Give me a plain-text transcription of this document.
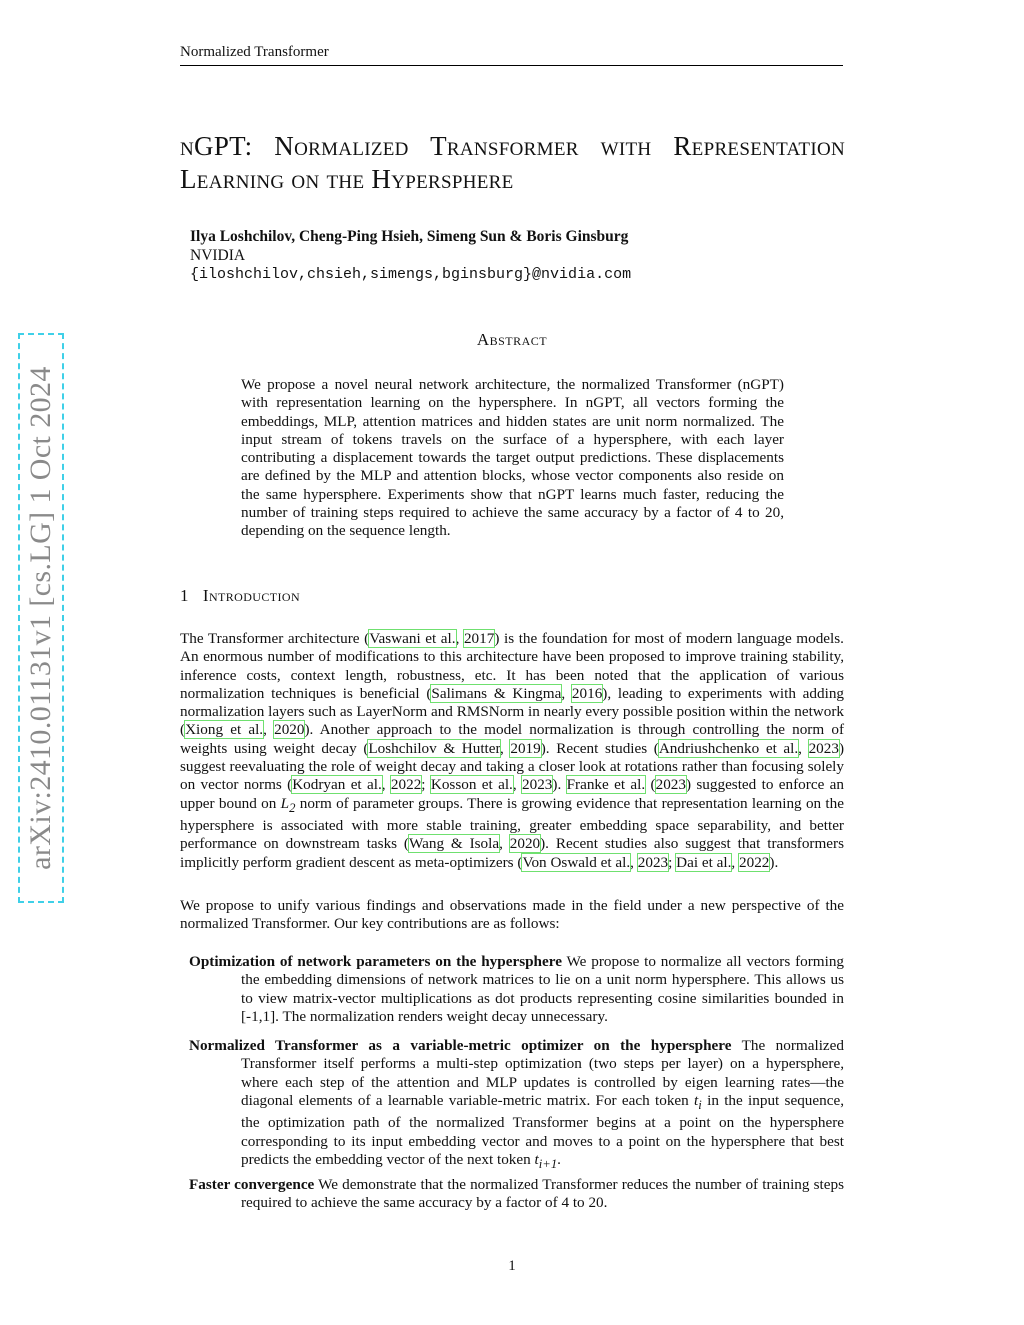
Normalized Transformer
nGPT: Normalized Transformer with Representation Learning on the Hypersphere
Ilya Loshchilov, Cheng-Ping Hsieh, Simeng Sun & Boris Ginsburg
NVIDIA
{iloshchilov,chsieh,simengs,bginsburg}@nvidia.com
Abstract
We propose a novel neural network architecture, the normalized Transformer (nGPT) with representation learning on the hypersphere. In nGPT, all vectors forming the embeddings, MLP, attention matrices and hidden states are unit norm normalized. The input stream of tokens travels on the surface of a hypersphere, with each layer contributing a displacement towards the target output predictions. These displacements are defined by the MLP and attention blocks, whose vector components also reside on the same hypersphere. Experiments show that nGPT learns much faster, reducing the number of training steps required to achieve the same accuracy by a factor of 4 to 20, depending on the sequence length.
1 Introduction
The Transformer architecture (Vaswani et al., 2017) is the foundation for most of modern language models. An enormous number of modifications to this architecture have been proposed to improve training stability, inference costs, context length, robustness, etc. It has been noted that the application of various normalization techniques is beneficial (Salimans & Kingma, 2016), leading to experiments with adding normalization layers such as LayerNorm and RMSNorm in nearly every possible position within the network (Xiong et al., 2020). Another approach to the model normalization is through controlling the norm of weights using weight decay (Loshchilov & Hutter, 2019). Recent studies (Andriushchenko et al., 2023) suggest reevaluating the role of weight decay and taking a closer look at rotations rather than focusing solely on vector norms (Kodryan et al., 2022; Kosson et al., 2023). Franke et al. (2023) suggested to enforce an upper bound on $L_2$ norm of parameter groups. There is growing evidence that representation learning on the hypersphere is associated with more stable training, greater embedding space separability, and better performance on downstream tasks (Wang & Isola, 2020). Recent studies also suggest that transformers implicitly perform gradient descent as meta-optimizers (Von Oswald et al., 2023; Dai et al., 2022).
We propose to unify various findings and observations made in the field under a new perspective of the normalized Transformer. Our key contributions are as follows:
Optimization of network parameters on the hypersphere We propose to normalize all vectors forming the embedding dimensions of network matrices to lie on a unit norm hypersphere. This allows us to view matrix-vector multiplications as dot products representing cosine similarities bounded in [-1,1]. The normalization renders weight decay unnecessary.
Normalized Transformer as a variable-metric optimizer on the hypersphere The normalized Transformer itself performs a multi-step optimization (two steps per layer) on a hypersphere, where each step of the attention and MLP updates is controlled by eigen learning rates—the diagonal elements of a learnable variable-metric matrix. For each token $t_i$ in the input sequence, the optimization path of the normalized Transformer begins at a point on the hypersphere corresponding to its input embedding vector and moves to a point on the hypersphere that best predicts the embedding vector of the next token $t_{i+1}$.
Faster convergence We demonstrate that the normalized Transformer reduces the number of training steps required to achieve the same accuracy by a factor of 4 to 20.
1
arXiv:2410.01131v1 [cs.LG] 1 Oct 2024
